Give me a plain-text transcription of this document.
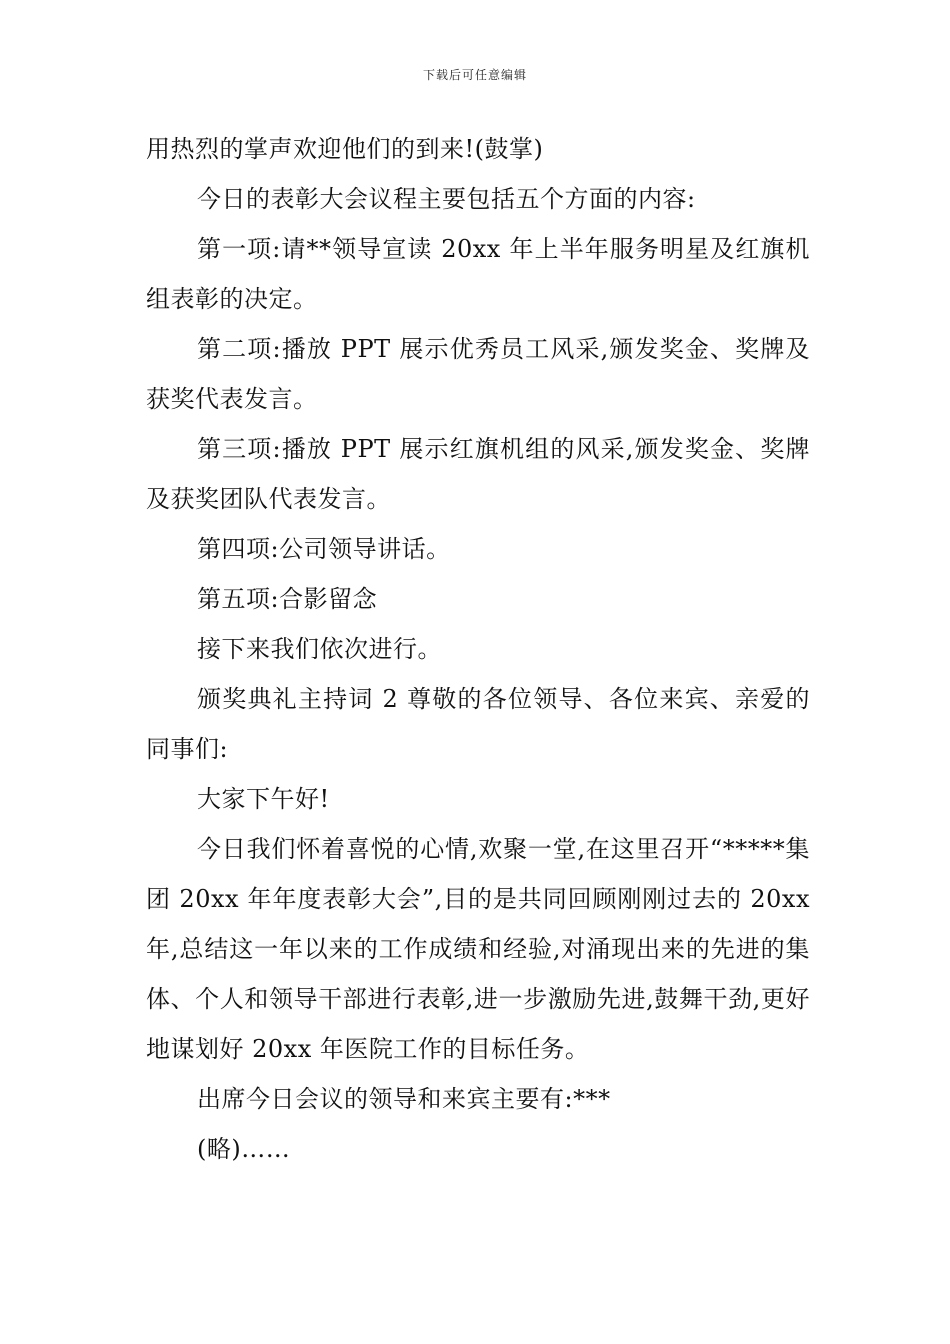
下载后可任意编辑

用热烈的掌声欢迎他们的到来!(鼓掌)

今日的表彰大会议程主要包括五个方面的内容:

第一项:请**领导宣读 20xx 年上半年服务明星及红旗机组表彰的决定。

第二项:播放 PPT 展示优秀员工风采,颁发奖金、奖牌及获奖代表发言。

第三项:播放 PPT 展示红旗机组的风采,颁发奖金、奖牌及获奖团队代表发言。

第四项:公司领导讲话。

第五项:合影留念

接下来我们依次进行。

颁奖典礼主持词 2 尊敬的各位领导、各位来宾、亲爱的同事们:

大家下午好!

今日我们怀着喜悦的心情,欢聚一堂,在这里召开“*****集团 20xx 年年度表彰大会”,目的是共同回顾刚刚过去的 20xx 年,总结这一年以来的工作成绩和经验,对涌现出来的先进的集体、个人和领导干部进行表彰,进一步激励先进,鼓舞干劲,更好地谋划好 20xx 年医院工作的目标任务。

出席今日会议的领导和来宾主要有:***

(略)……
